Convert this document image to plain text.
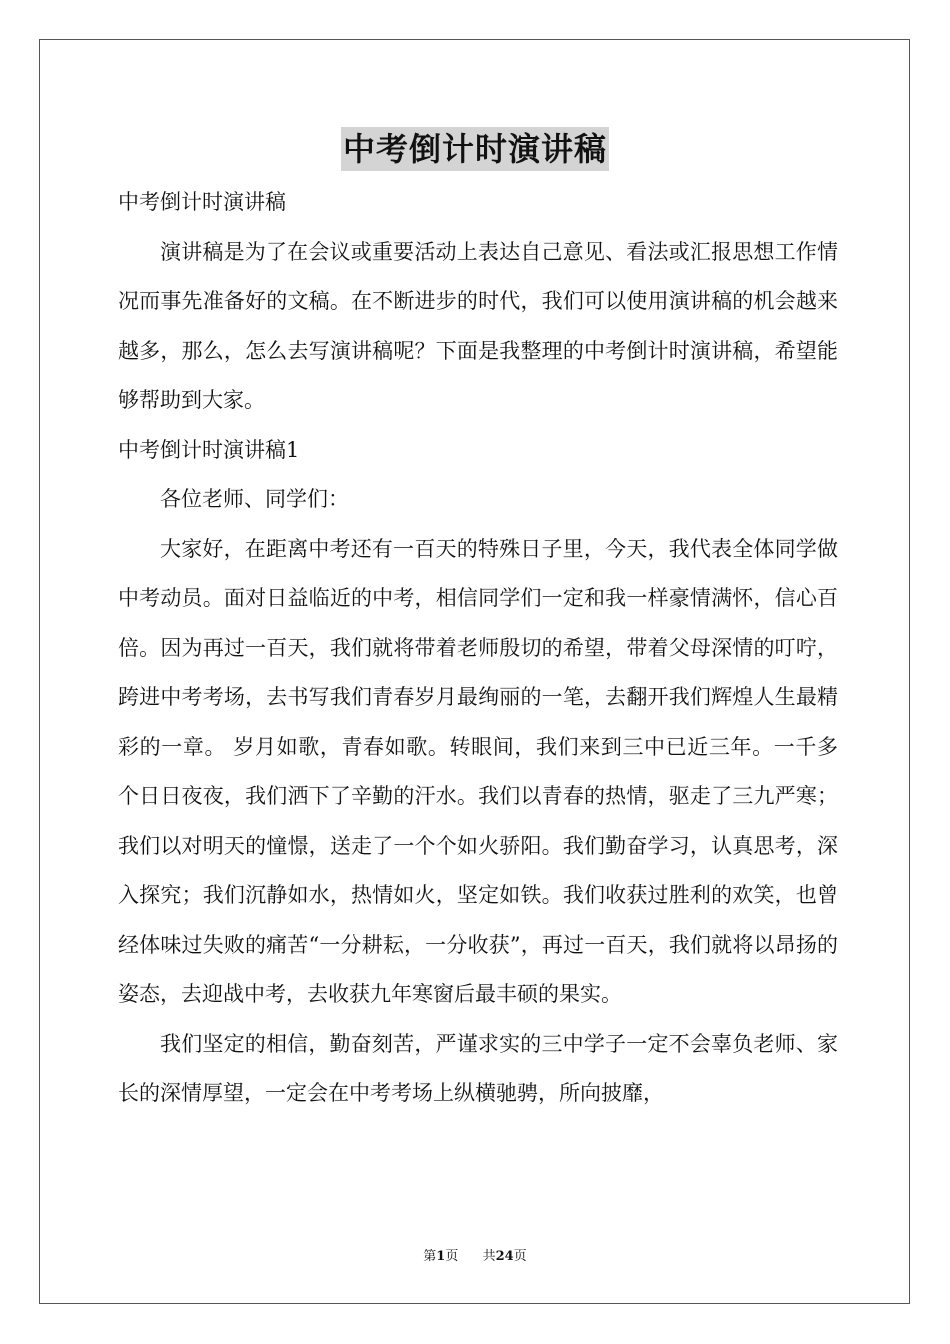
中考倒计时演讲稿

中考倒计时演讲稿

演讲稿是为了在会议或重要活动上表达自己意见、看法或汇报思想工作情况而事先准备好的文稿。在不断进步的时代，我们可以使用演讲稿的机会越来越多，那么，怎么去写演讲稿呢？下面是我整理的中考倒计时演讲稿，希望能够帮助到大家。

中考倒计时演讲稿1

各位老师、同学们：

大家好，在距离中考还有一百天的特殊日子里，今天，我代表全体同学做中考动员。面对日益临近的中考，相信同学们一定和我一样豪情满怀，信心百倍。因为再过一百天，我们就将带着老师殷切的希望，带着父母深情的叮咛，跨进中考考场，去书写我们青春岁月最绚丽的一笔，去翻开我们辉煌人生最精彩的一章。 岁月如歌，青春如歌。转眼间，我们来到三中已近三年。一千多个日日夜夜，我们洒下了辛勤的汗水。我们以青春的热情，驱走了三九严寒；我们以对明天的憧憬，送走了一个个如火骄阳。我们勤奋学习，认真思考，深入探究；我们沉静如水，热情如火，坚定如铁。我们收获过胜利的欢笑，也曾经体味过失败的痛苦“一分耕耘，一分收获”，再过一百天，我们就将以昂扬的姿态，去迎战中考，去收获九年寒窗后最丰硕的果实。

我们坚定的相信，勤奋刻苦，严谨求实的三中学子一定不会辜负老师、家长的深情厚望，一定会在中考考场上纵横驰骋，所向披靡，

第1页 共24页
